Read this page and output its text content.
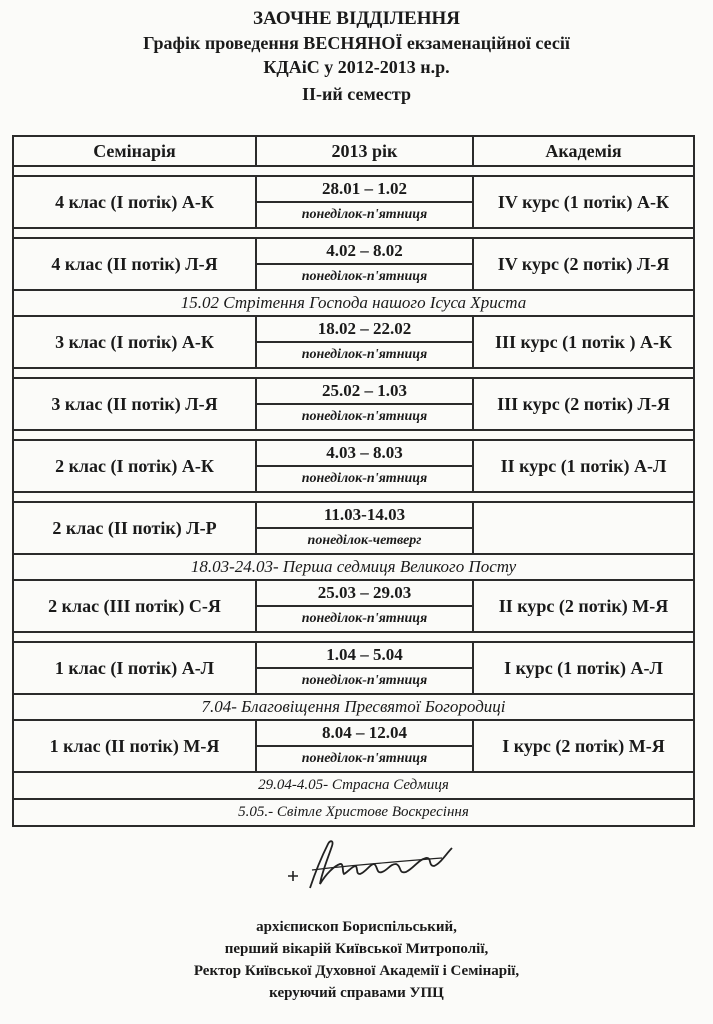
ЗАОЧНЕ ВІДДІЛЕННЯ
Графік проведення ВЕСНЯНОЇ екзаменаційної сесії
КДАіС у 2012-2013 н.р.
ІІ-ий семестр
Семінарія	2013 рік	Академія

4 клас (І потік) А-К	28.01 – 1.02	IV курс (1 потік) А-К
	понеділок-п'ятниця	

4 клас (ІІ потік) Л-Я	4.02 – 8.02	IV курс (2 потік) Л-Я
	понеділок-п'ятниця	
15.02 Стрітення Господа нашого Ісуса Христа		
3 клас (І потік) А-К	18.02 – 22.02	ІІІ курс (1 потік ) А-К
	понеділок-п'ятниця	

3 клас (ІІ потік) Л-Я	25.02 – 1.03	ІІІ курс (2 потік) Л-Я
	понеділок-п'ятниця	

2 клас (І потік) А-К	4.03 – 8.03	ІІ курс (1 потік) А-Л
	понеділок-п'ятниця	

2 клас (ІІ потік) Л-Р	11.03-14.03	
	понеділок-четверг	
18.03-24.03- Перша седмиця Великого Посту		
2 клас (ІІІ потік) С-Я	25.03 – 29.03	ІІ курс (2 потік) М-Я
	понеділок-п'ятниця	

1 клас (І потік) А-Л	1.04 – 5.04	І курс (1 потік) А-Л
	понеділок-п'ятниця	
7.04- Благовіщення Пресвятої Богородиці		
1 клас (ІІ потік) М-Я	8.04 – 12.04	І курс (2 потік) М-Я
	понеділок-п'ятниця	
29.04-4.05- Страсна Седмиця		
5.05.- Світле Христове Воскресіння		
архієпископ Бориспільський,
перший вікарій Київської Митрополії,
Ректор Київської Духовної Академії і Семінарії,
керуючий справами УПЦ
